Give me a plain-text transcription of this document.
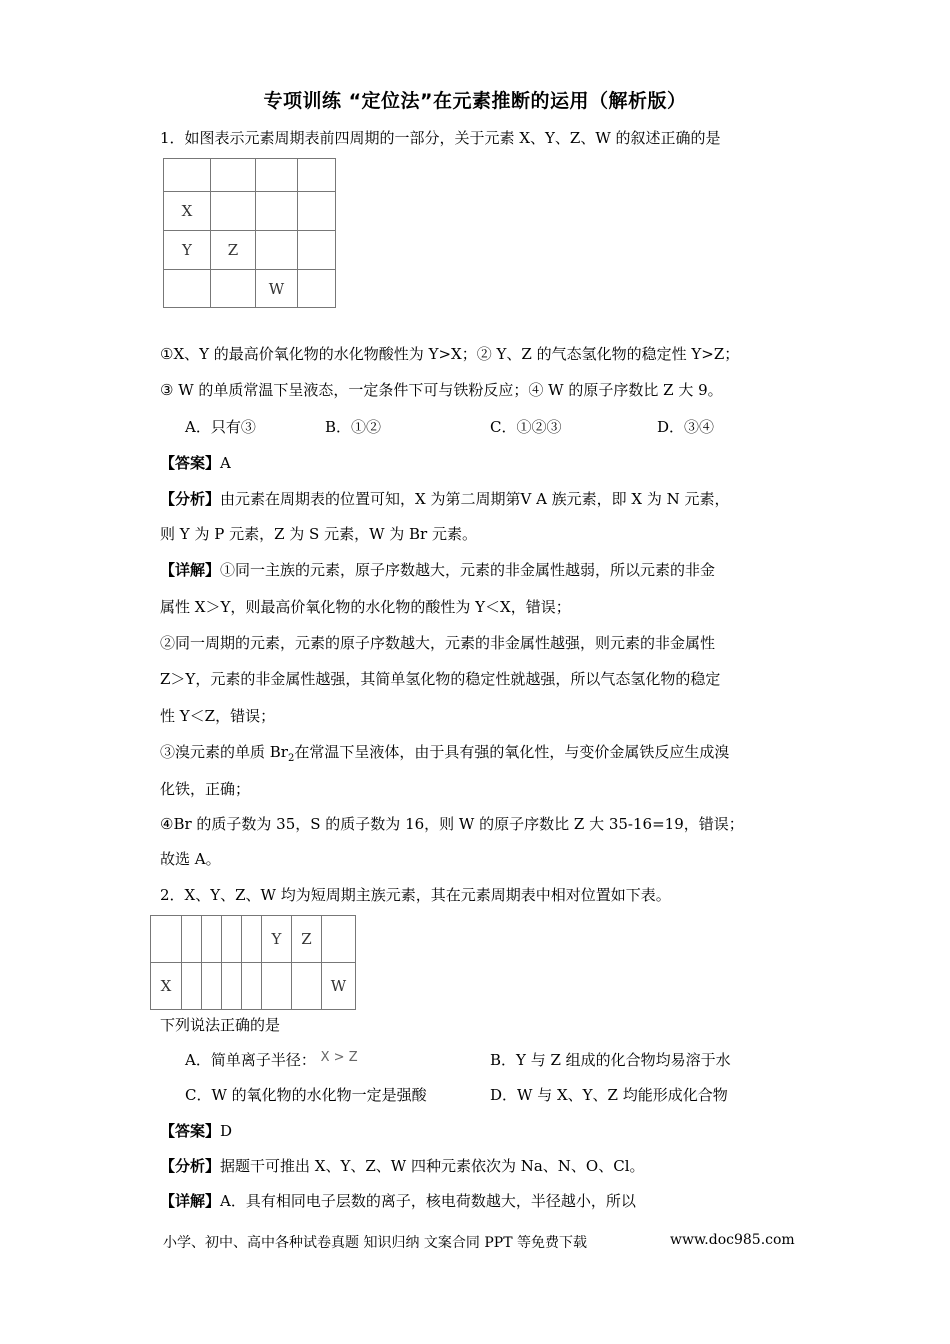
专项训练 “定位法”在元素推断的运用（解析版）
1．如图表示元素周期表前四周期的一部分，关于元素 X、Y、Z、W 的叙述正确的是

X			
Y	Z		
		W	
①X、Y 的最高价氧化物的水化物酸性为 Y>X；② Y、Z 的气态氢化物的稳定性 Y>Z；
③ W 的单质常温下呈液态，一定条件下可与铁粉反应；④ W 的原子序数比 Z 大 9。
A．只有③	B．①②	C．①②③	D．③④
【答案】A
【分析】由元素在周期表的位置可知，X 为第二周期第Ⅴ A 族元素，即 X 为 N 元素，
则 Y 为 P 元素，Z 为 S 元素，W 为 Br 元素。
【详解】①同一主族的元素，原子序数越大，元素的非金属性越弱，所以元素的非金
属性 X＞Y，则最高价氧化物的水化物的酸性为 Y＜X，错误；
②同一周期的元素，元素的原子序数越大，元素的非金属性越强，则元素的非金属性
Z＞Y，元素的非金属性越强，其简单氢化物的稳定性就越强，所以气态氢化物的稳定
性 Y＜Z，错误；
③溴元素的单质 $Br_2$在常温下呈液体，由于具有强的氧化性，与变价金属铁反应生成溴
化铁，正确；
④Br 的质子数为 35，S 的质子数为 16，则 W 的原子序数比 Z 大 35-16=19，错误；
故选 A。
2．X、Y、Z、W 均为短周期主族元素，其在元素周期表中相对位置如下表。
					Y	Z	
X							W
下列说法正确的是
A．简单离子半径： X > Z	B．Y 与 Z 组成的化合物均易溶于水
C．W 的氧化物的水化物一定是强酸	D．W 与 X、Y、Z 均能形成化合物
【答案】D
【分析】据题干可推出 X、Y、Z、W 四种元素依次为 Na、N、O、Cl。
【详解】A．具有相同电子层数的离子，核电荷数越大，半径越小，所以
小学、初中、高中各种试卷真题 知识归纳 文案合同 PPT 等免费下载	www.doc985.com
